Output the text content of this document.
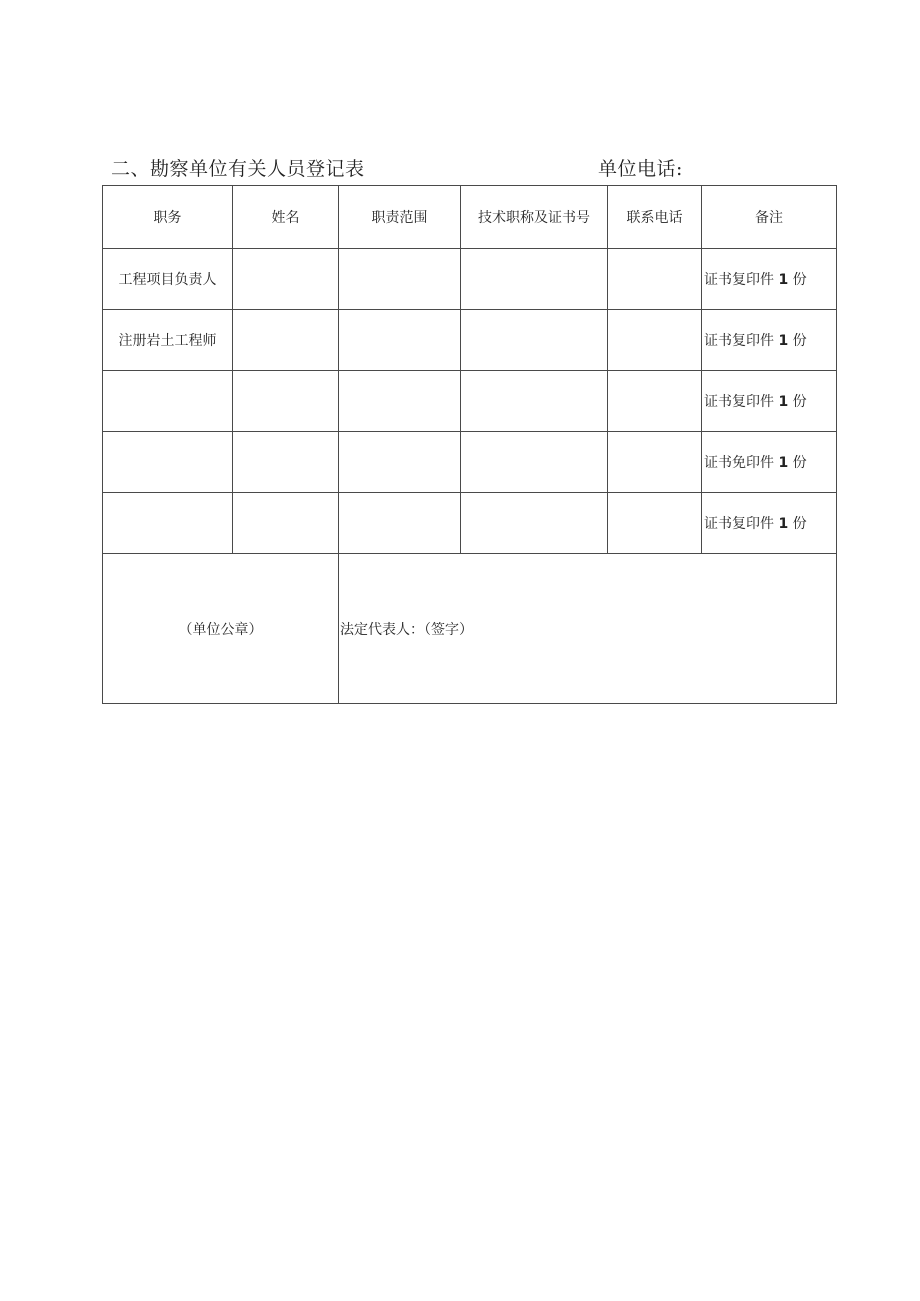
二、勘察单位有关人员登记表	单位电话:
职务	姓名	职责范围	技术职称及证书号	联系电话	备注
工程项目负责人					证书复印件 1 份
注册岩土工程师					证书复印件 1 份
					证书复印件 1 份
					证书免印件 1 份
					证书复印件 1 份
（单位公章）		法定代表人：（签字）			
